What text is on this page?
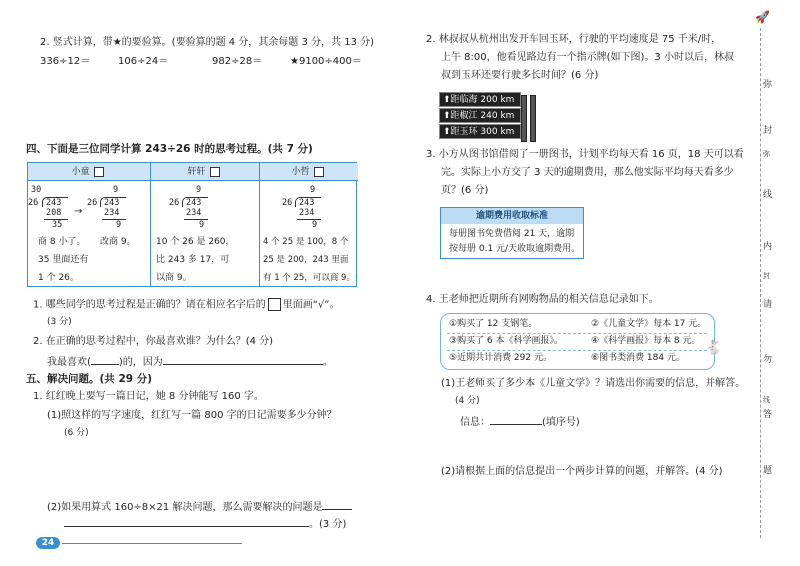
2. 竖式计算，带★的要验算。(要验算的题 4 分，其余每题 3 分，共 13 分)
336÷12＝	106÷24＝	982÷28＝	★9100÷400＝
四、下面是三位同学计算 243÷26 时的思考过程。(共 7 分)
小童
30
26 243
208
35
→
9
26 243
234
9
商 8 小了。 改商 9。
35 里面还有
1 个 26。
轩轩
9
26 243
234
9
10 个 26 是 260，
比 243 多 17，可
以商 9。
小哲
9
26 243
234
9
4 个 25 是 100，8 个
25 是 200，243 里面
有 1 个 25，可以商 9。
1. 哪些同学的思考过程是正确的？请在相应名字后的 里面画“√”。
(3 分)
2. 在正确的思考过程中，你最喜欢谁？为什么？(4 分)
我最喜欢(	)的，因为	。
五、解决问题。(共 29 分)
1. 红红晚上要写一篇日记，她 8 分钟能写 160 字。
(1)照这样的写字速度，红红写一篇 800 字的日记需要多少分钟？
(6 分)
(2)如果用算式 160÷8×21 解决问题，那么需要解决的问题是
。(3 分)
24
2. 林叔叔从杭州出发开车回玉环，行驶的平均速度是 75 千米/时，
上午 8:00，他看见路边有一个指示牌(如下图)。3 小时以后，林叔
叔到玉环还要行驶多长时间？(6 分)
⬆距临海 200 km
⬆距椒江 240 km
⬆距玉环 300 km
3. 小方从图书馆借阅了一册图书，计划平均每天看 16 页，18 天可以看
完。实际上小方交了 3 天的逾期费用，那么他实际平均每天看多少
页？(6 分)
逾期费用收取标准
每册图书免费借阅 21 天，逾期
按每册 0.1 元/天收取逾期费用。
4. 王老师把近期所有网购物品的相关信息记录如下。
①购买了 12 支钢笔。	②《儿童文学》每本 17 元。
③购买了 6 本《科学画报》。	④《科学画报》每本 8 元。
⑤近期共计消费 292 元。	⑥图书类消费 184 元。
🐇
(1)王老师买了多少本《儿童文学》？请选出你需要的信息，并解答。
(4 分)
信息：	(填序号)
(2)请根据上面的信息提出一个两步计算的问题，并解答。(4 分)
🚀
弥
封
弥
线
内
封
请
勿
线
答
题
